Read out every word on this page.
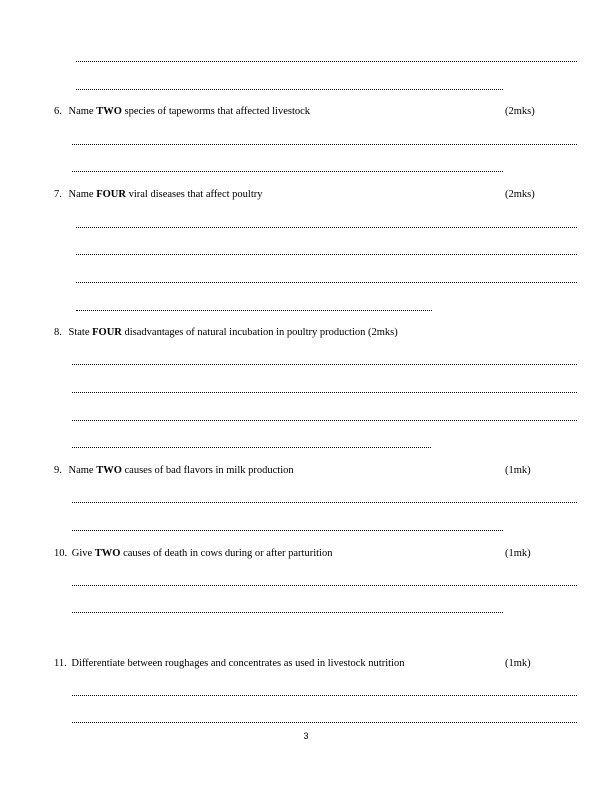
6. Name TWO species of tapeworms that affected livestock	(2mks)
7. Name FOUR viral diseases that affect poultry	(2mks)
8. State FOUR disadvantages of natural incubation in poultry production (2mks)
9. Name TWO causes of bad flavors in milk production	(1mk)
10. Give TWO causes of death in cows during or after parturition	(1mk)
11. Differentiate between roughages and concentrates as used in livestock nutrition	(1mk)
3
